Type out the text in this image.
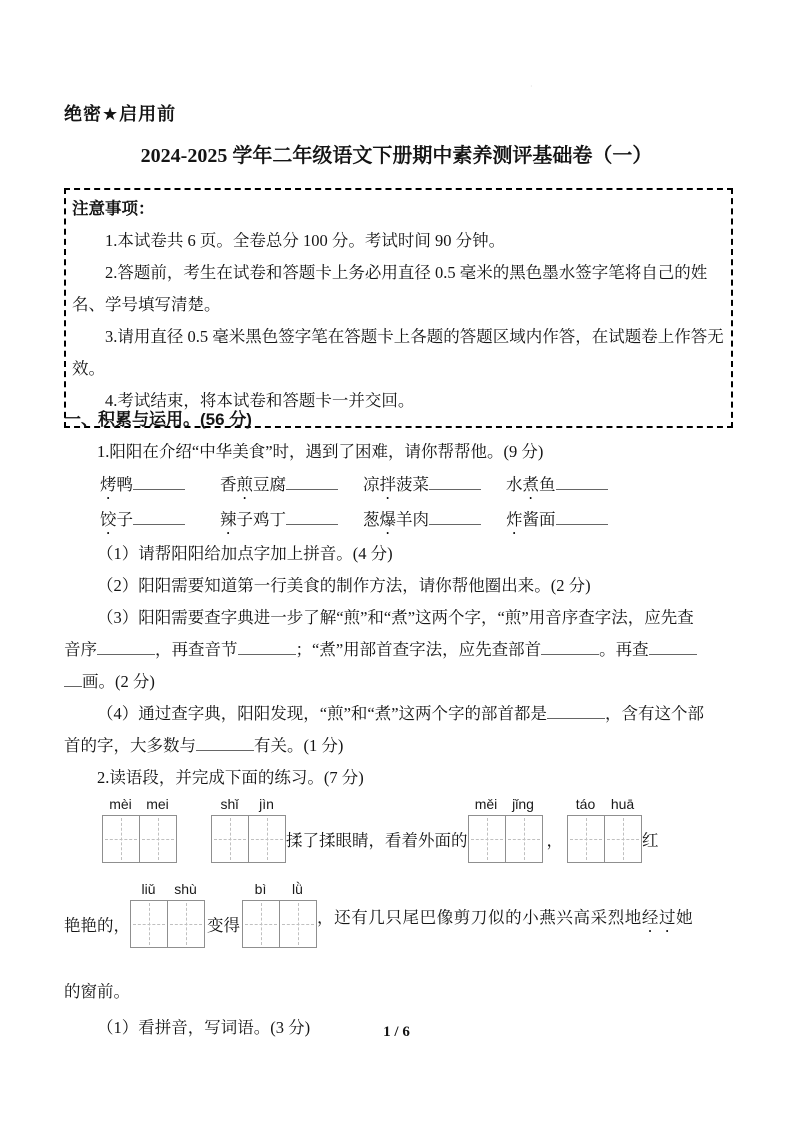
·
绝密★启用前
2024-2025 学年二年级语文下册期中素养测评基础卷（一）
注意事项：
1.本试卷共 6 页。全卷总分 100 分。考试时间 90 分钟。
2.答题前，考生在试卷和答题卡上务必用直径 0.5 毫米的黑色墨水签字笔将自己的姓名、学号填写清楚。
3.请用直径 0.5 毫米黑色签字笔在答题卡上各题的答题区域内作答，在试题卷上作答无效。
4.考试结束，将本试卷和答题卡一并交回。
一、积累与运用。(56 分)
1.阳阳在介绍“中华美食”时，遇到了困难，请你帮帮他。(9 分)
烤鸭	香煎豆腐	凉拌菠菜	水煮鱼
饺子	辣子鸡丁	葱爆羊肉	炸酱面
（1）请帮阳阳给加点字加上拼音。(4 分)
（2）阳阳需要知道第一行美食的制作方法，请你帮他圈出来。(2 分)
（3）阳阳需要查字典进一步了解“煎”和“煮”这两个字，“煎”用音序查字法，应先查
音序	，再查音节	；“煮”用部首查字法，应先查部首	。再查
画。(2 分)
（4）通过查字典，阳阳发现，“煎”和“煮”这两个字的部首都是	，含有这个部
首的字，大多数与	有关。(1 分)
2.读语段，并完成下面的练习。(7 分)
mèi	mei	shǐ	jìn
揉了揉眼睛，看着外面的
měi	jǐng
，
táo	huā
红
艳艳的，
liǔ	shù
变得
bì	lǜ
，还有几只尾巴像剪刀似的小燕兴高采烈地经过她
的窗前。
（1）看拼音，写词语。(3 分)	1 / 6
